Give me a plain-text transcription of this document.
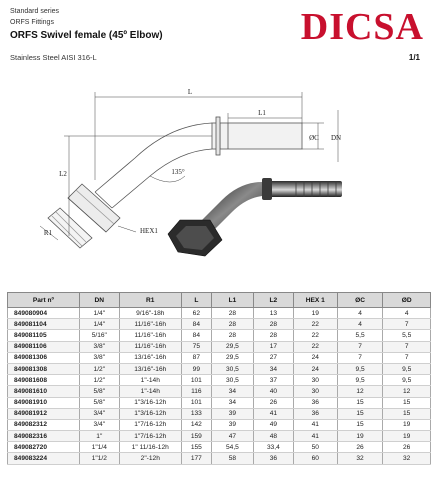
Standard series
ORFS Fittings
ORFS Swivel female (45º Elbow)
Stainless Steel AISI 316-L	1/1
DICSA
L
L1
L2
ØC DN
135°
R1	HEX1
Part nº	DN	R1	L	L1	L2	HEX 1	ØC	ØD
849080904	1/4"	9/16"-18h	62	28	13	19	4	4
849081104	1/4"	11/16"-16h	84	28	28	22	4	7
849081105	5/16"	11/16"-16h	84	28	28	22	5,5	5,5
849081106	3/8"	11/16"-16h	75	29,5	17	22	7	7
849081306	3/8"	13/16"-16h	87	29,5	27	24	7	7
849081308	1/2"	13/16"-16h	99	30,5	34	24	9,5	9,5
849081608	1/2"	1"-14h	101	30,5	37	30	9,5	9,5
849081610	5/8"	1"-14h	116	34	40	30	12	12
849081910	5/8"	1"3/16-12h	101	34	26	36	15	15
849081912	3/4"	1"3/16-12h	133	39	41	36	15	15
849082312	3/4"	1"7/16-12h	142	39	49	41	15	19
849082316	1"	1"7/16-12h	159	47	48	41	19	19
849082720	1"1/4	1" 11/16-12h	155	54,5	33,4	50	26	26
849083224	1"1/2	2"-12h	177	58	36	60	32	32
